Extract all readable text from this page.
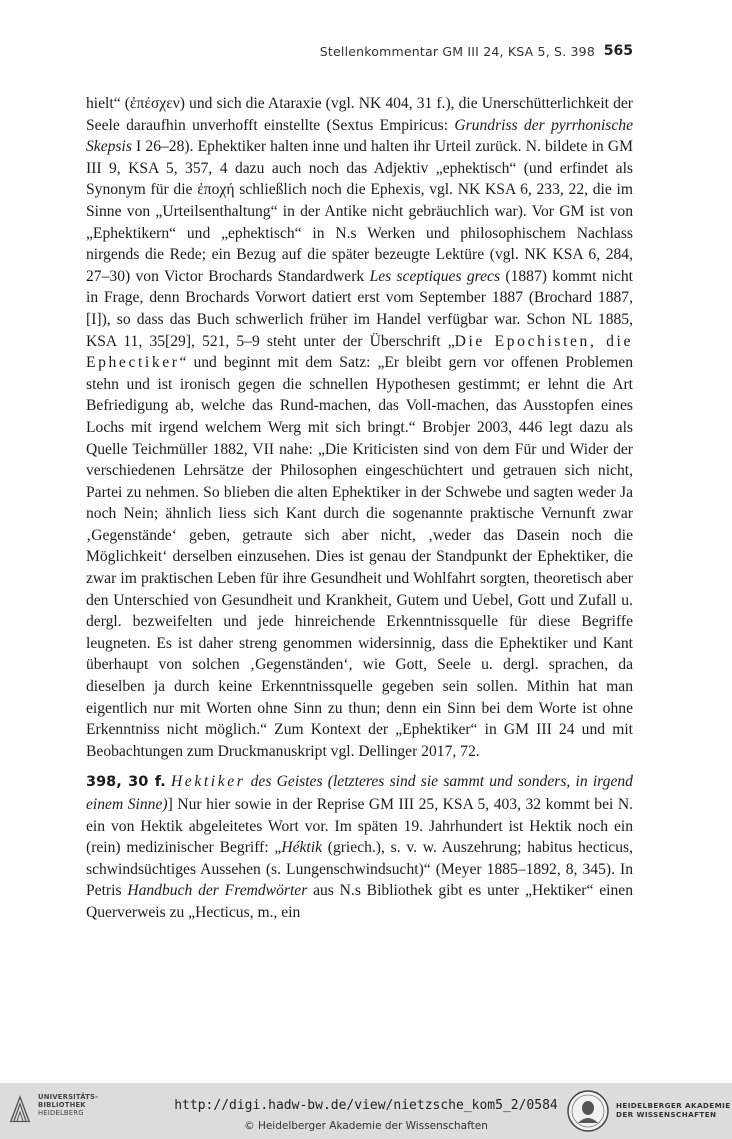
Stellenkommentar GM III 24, KSA 5, S. 398 565

hielt“ (ἐπέσχεν) und sich die Ataraxie (vgl. NK 404, 31 f.), die Unerschütterlichkeit der Seele daraufhin unverhofft einstellte (Sextus Empiricus: Grundriss der pyrrhonische Skepsis I 26–28). Ephektiker halten inne und halten ihr Urteil zurück. N. bildete in GM III 9, KSA 5, 357, 4 dazu auch noch das Adjektiv „ephektisch“ (und erfindet als Synonym für die ἐποχή schließlich noch die Ephexis, vgl. NK KSA 6, 233, 22, die im Sinne von „Urteilsenthaltung“ in der Antike nicht gebräuchlich war). Vor GM ist von „Ephektikern“ und „ephektisch“ in N.s Werken und philosophischem Nachlass nirgends die Rede; ein Bezug auf die später bezeugte Lektüre (vgl. NK KSA 6, 284, 27–30) von Victor Brochards Standardwerk Les sceptiques grecs (1887) kommt nicht in Frage, denn Brochards Vorwort datiert erst vom September 1887 (Brochard 1887, [I]), so dass das Buch schwerlich früher im Handel verfügbar war. Schon NL 1885, KSA 11, 35[29], 521, 5–9 steht unter der Überschrift „Die Epochisten, die Ephectiker“ und beginnt mit dem Satz: „Er bleibt gern vor offenen Problemen stehn und ist ironisch gegen die schnellen Hypothesen gestimmt; er lehnt die Art Befriedigung ab, welche das Rund-machen, das Voll-machen, das Ausstopfen eines Lochs mit irgend welchem Werg mit sich bringt.“ Brobjer 2003, 446 legt dazu als Quelle Teichmüller 1882, VII nahe: „Die Kriticisten sind von dem Für und Wider der verschiedenen Lehrsätze der Philosophen eingeschüchtert und getrauen sich nicht, Partei zu nehmen. So blieben die alten Ephektiker in der Schwebe und sagten weder Ja noch Nein; ähnlich liess sich Kant durch die sogenannte praktische Vernunft zwar ‚Gegenstände‘ geben, getraute sich aber nicht, ‚weder das Dasein noch die Möglichkeit‘ derselben einzusehen. Dies ist genau der Standpunkt der Ephektiker, die zwar im praktischen Leben für ihre Gesundheit und Wohlfahrt sorgten, theoretisch aber den Unterschied von Gesundheit und Krankheit, Gutem und Uebel, Gott und Zufall u. dergl. bezweifelten und jede hinreichende Erkenntnissquelle für diese Begriffe leugneten. Es ist daher streng genommen widersinnig, dass die Ephektiker und Kant überhaupt von solchen ‚Gegenständen‘, wie Gott, Seele u. dergl. sprachen, da dieselben ja durch keine Erkenntnissquelle gegeben sein sollen. Mithin hat man eigentlich nur mit Worten ohne Sinn zu thun; denn ein Sinn bei dem Worte ist ohne Erkenntniss nicht möglich.“ Zum Kontext der „Ephektiker“ in GM III 24 und mit Beobachtungen zum Druckmanuskript vgl. Dellinger 2017, 72.

398, 30 f. Hektiker des Geistes (letzteres sind sie sammt und sonders, in irgend einem Sinne)] Nur hier sowie in der Reprise GM III 25, KSA 5, 403, 32 kommt bei N. ein von Hektik abgeleitetes Wort vor. Im späten 19. Jahrhundert ist Hektik noch ein (rein) medizinischer Begriff: „Héktik (griech.), s. v. w. Auszehrung; habitus hecticus, schwindsüchtiges Aussehen (s. Lungenschwindsucht)“ (Meyer 1885–1892, 8, 345). In Petris Handbuch der Fremdwörter aus N.s Bibliothek gibt es unter „Hektiker“ einen Querverweis zu „Hecticus, m., ein

UNIVERSITÄTS-
BIBLIOTHEK
HEIDELBERG	http://digi.hadw-bw.de/view/nietzsche_kom5_2/0584
© Heidelberger Akademie der Wissenschaften
HEIDELBERGER AKADEMIE
DER WISSENSCHAFTEN
